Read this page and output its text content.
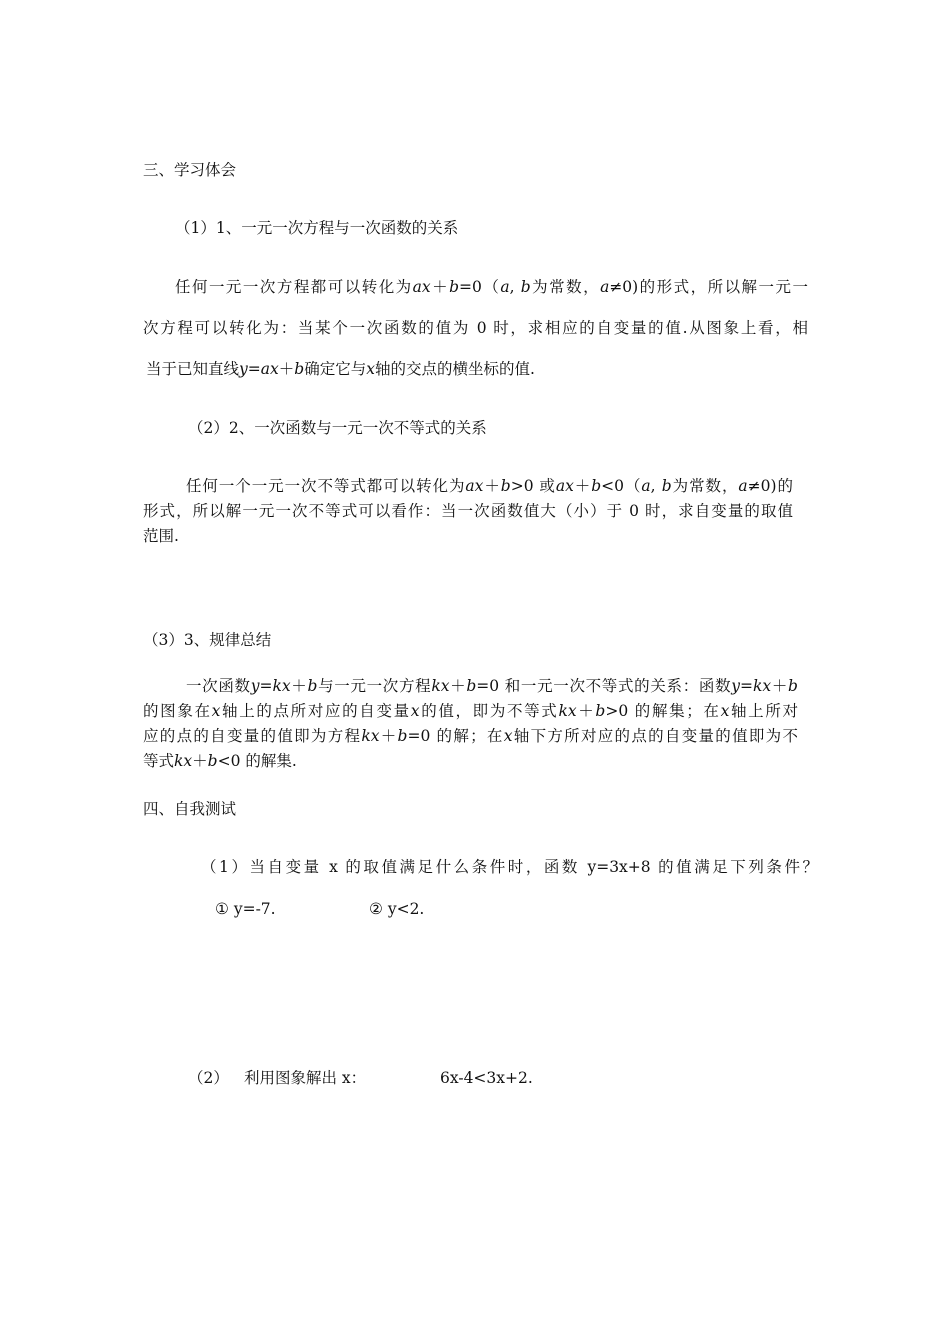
三、学习体会
（1）1、一元一次方程与一次函数的关系
任何一元一次方程都可以转化为ax＋b=0（a, b为常数，a≠0)的形式，所以解一元一
次方程可以转化为：当某个一次函数的值为 0 时，求相应的自变量的值.从图象上看，相
当于已知直线y=ax＋b确定它与x轴的交点的横坐标的值.
（2）2、一次函数与一元一次不等式的关系
任何一个一元一次不等式都可以转化为ax＋b>0 或ax＋b<0（a, b为常数，a≠0)的
形式，所以解一元一次不等式可以看作：当一次函数值大（小）于 0 时，求自变量的取值
范围.
（3）3、规律总结
一次函数y=kx＋b与一元一次方程kx＋b=0 和一元一次不等式的关系：函数y=kx＋b
的图象在x轴上的点所对应的自变量x的值，即为不等式kx＋b>0 的解集；在x轴上所对
应的点的自变量的值即为方程kx＋b=0 的解；在x轴下方所对应的点的自变量的值即为不
等式kx＋b<0 的解集.
四、自我测试
（1）当自变量 x 的取值满足什么条件时，函数 y=3x+8 的值满足下列条件？
① y=-7.	② y<2.
（2） 利用图象解出 x：	6x-4<3x+2.
